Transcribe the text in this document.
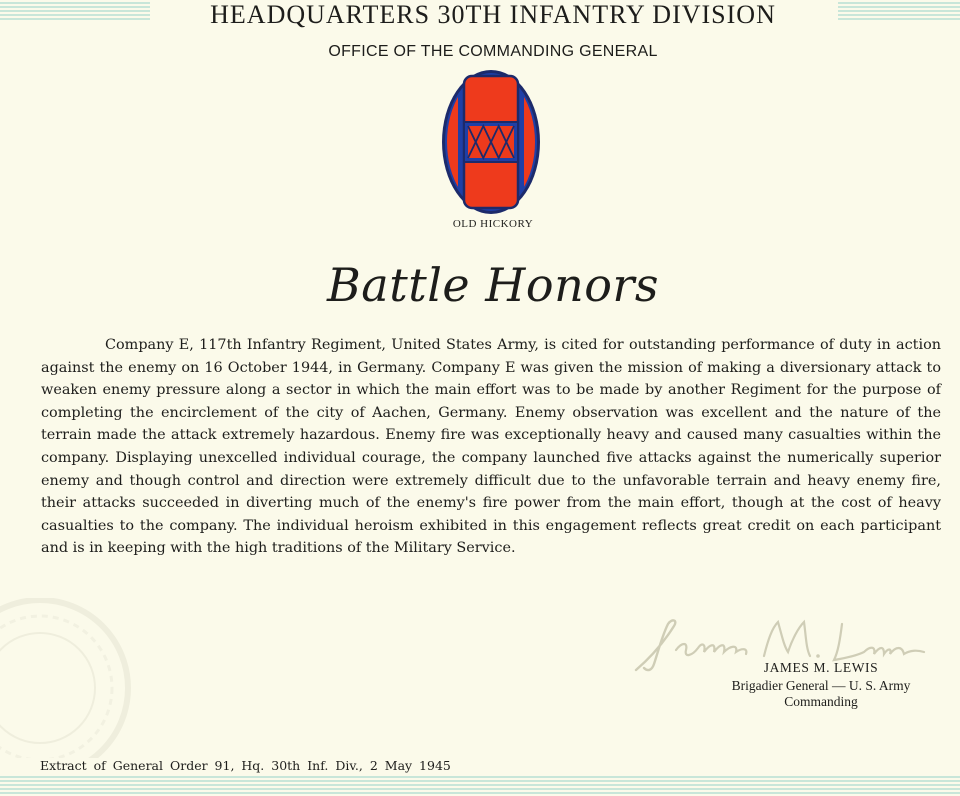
HEADQUARTERS 30TH INFANTRY DIVISION
OFFICE OF THE COMMANDING GENERAL
OLD HICKORY
Battle Honors

Company E, 117th Infantry Regiment, United States Army, is cited for outstanding performance of duty in action against the enemy on 16 October 1944, in Germany. Company E was given the mission of making a diversionary attack to weaken enemy pressure along a sector in which the main effort was to be made by another Regiment for the purpose of completing the encirclement of the city of Aachen, Germany. Enemy observation was excellent and the nature of the terrain made the attack extremely hazardous. Enemy fire was exceptionally heavy and caused many casualties within the company. Displaying unexcelled individual courage, the company launched five attacks against the numerically superior enemy and though control and direction were extremely difficult due to the unfavorable terrain and heavy enemy fire, their attacks succeeded in diverting much of the enemy's fire power from the main effort, though at the cost of heavy casualties to the company. The individual heroism exhibited in this engagement reflects great credit on each participant and is in keeping with the high traditions of the Military Service.

JAMES M. LEWIS
Brigadier General — U. S. Army
Commanding
Extract of General Order 91, Hq. 30th Inf. Div., 2 May 1945
